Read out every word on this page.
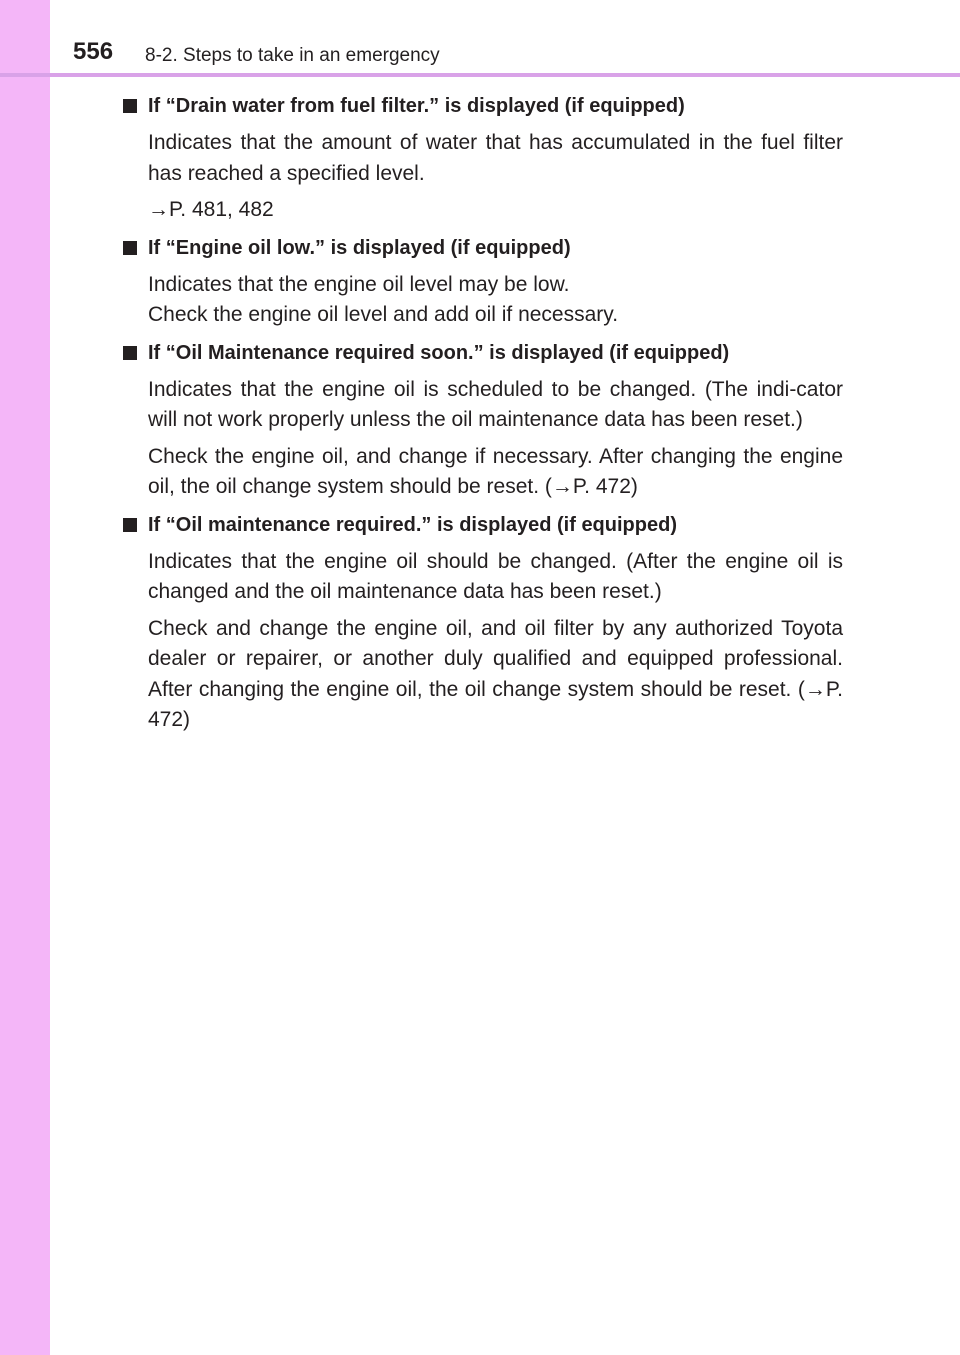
556 8-2. Steps to take in an emergency
If “Drain water from fuel filter.” is displayed (if equipped)
Indicates that the amount of water that has accumulated in the fuel filter has reached a specified level.
→P. 481, 482
If “Engine oil low.” is displayed (if equipped)
Indicates that the engine oil level may be low.
Check the engine oil level and add oil if necessary.
If “Oil Maintenance required soon.” is displayed (if equipped)
Indicates that the engine oil is scheduled to be changed. (The indi-cator will not work properly unless the oil maintenance data has been reset.)
Check the engine oil, and change if necessary. After changing the engine oil, the oil change system should be reset. (→P. 472)
If “Oil maintenance required.” is displayed (if equipped)
Indicates that the engine oil should be changed. (After the engine oil is changed and the oil maintenance data has been reset.)
Check and change the engine oil, and oil filter by any authorized Toyota dealer or repairer, or another duly qualified and equipped professional. After changing the engine oil, the oil change system should be reset. (→P. 472)
